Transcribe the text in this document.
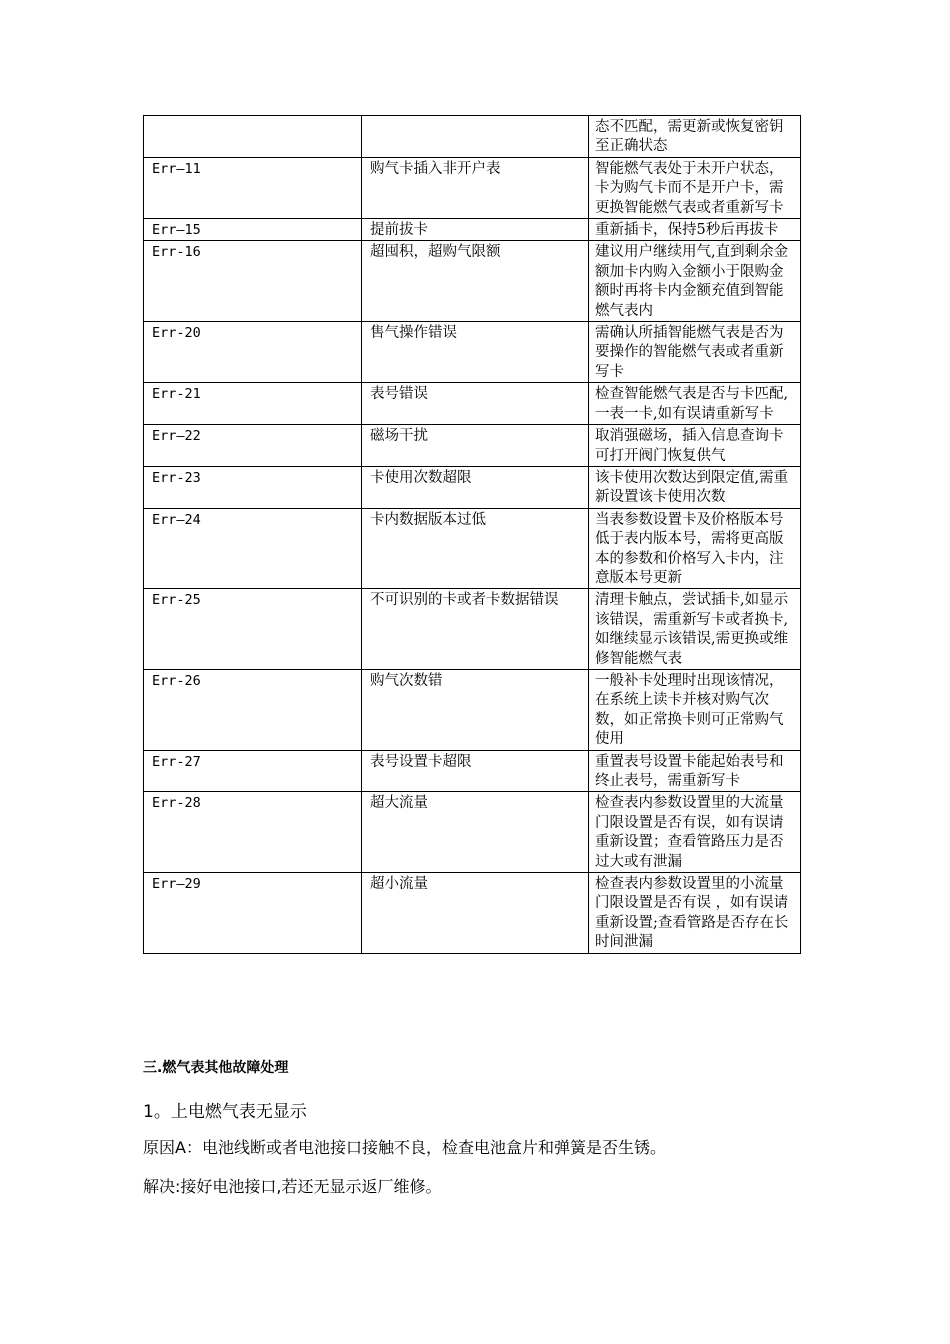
		态不匹配，需更新或恢复密钥至正确状态
Err—11	购气卡插入非开户表	智能燃气表处于未开户状态，卡为购气卡而不是开户卡，需更换智能燃气表或者重新写卡
Err—15	提前拔卡	重新插卡，保持5秒后再拔卡
Err-16	超囤积，超购气限额	建议用户继续用气,直到剩余金额加卡内购入金额小于限购金额时再将卡内金额充值到智能燃气表内
Err-20	售气操作错误	需确认所插智能燃气表是否为要操作的智能燃气表或者重新写卡
Err-21	表号错误	检查智能燃气表是否与卡匹配,一表一卡,如有误请重新写卡
Err—22	磁场干扰	取消强磁场，插入信息查询卡可打开阀门恢复供气
Err-23	卡使用次数超限	该卡使用次数达到限定值,需重新设置该卡使用次数
Err—24	卡内数据版本过低	当表参数设置卡及价格版本号低于表内版本号，需将更高版本的参数和价格写入卡内，注意版本号更新
Err-25	不可识别的卡或者卡数据错误	清理卡触点，尝试插卡,如显示该错误，需重新写卡或者换卡,如继续显示该错误,需更换或维修智能燃气表
Err-26	购气次数错	一般补卡处理时出现该情况，在系统上读卡并核对购气次数，如正常换卡则可正常购气使用
Err-27	表号设置卡超限	重置表号设置卡能起始表号和终止表号，需重新写卡
Err-28	超大流量	检查表内参数设置里的大流量门限设置是否有误，如有误请重新设置；查看管路压力是否过大或有泄漏
Err—29	超小流量	检查表内参数设置里的小流量门限设置是否有误 ，如有误请重新设置;查看管路是否存在长时间泄漏
三.燃气表其他故障处理
1。上电燃气表无显示
原因A：电池线断或者电池接口接触不良，检查电池盒片和弹簧是否生锈。
解决:接好电池接口,若还无显示返厂维修。
